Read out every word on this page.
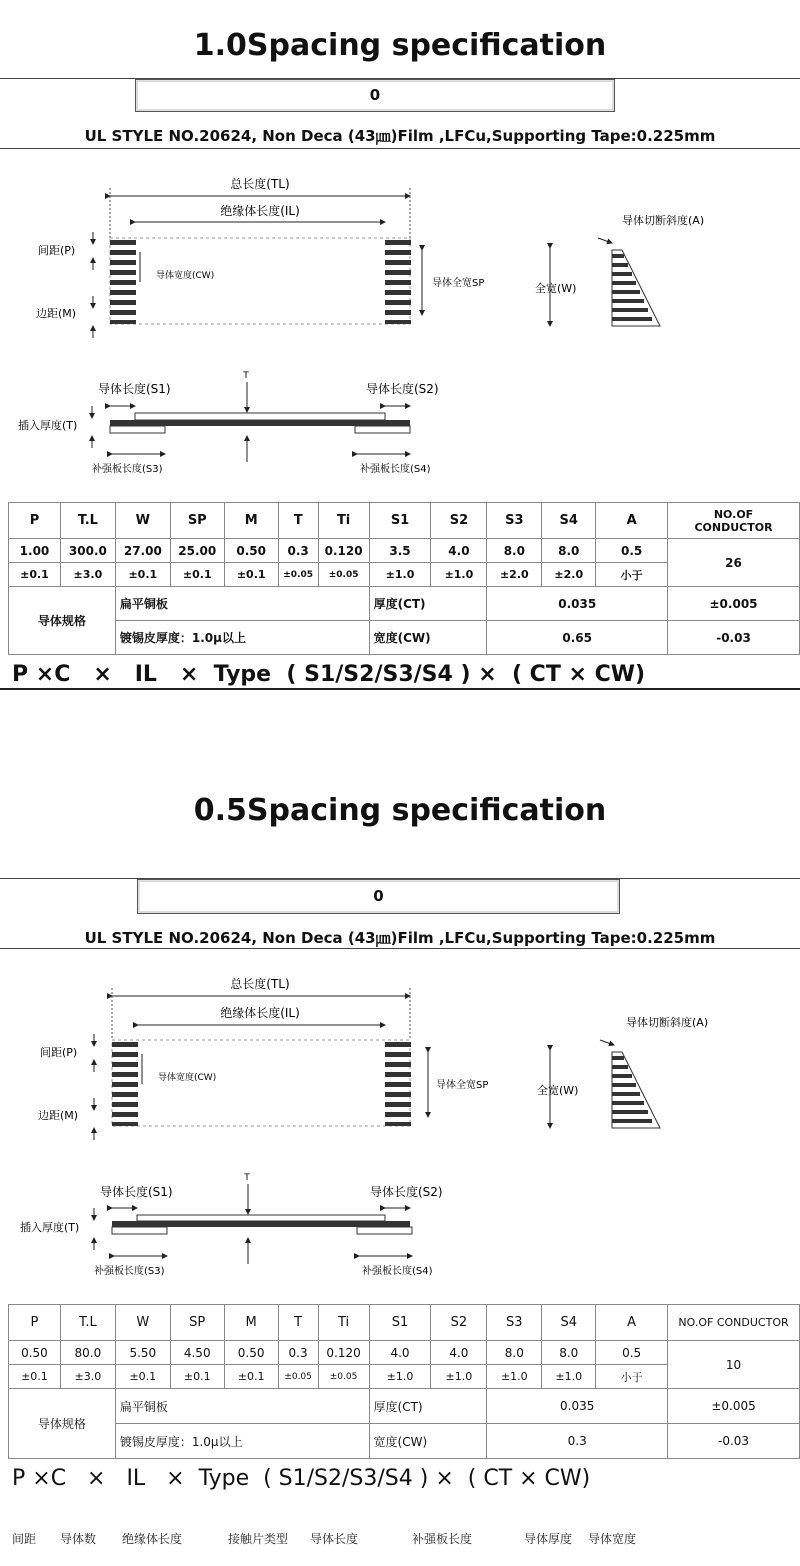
1.0Spacing specification
0
UL STYLE NO.20624, Non Deca (43㎛)Film ,LFCu,Supporting Tape:0.225mm
总长度(TL)
绝缘体长度(IL)
间距(P)
边距(M)
导体宽度(CW)
导体全宽SP	全宽(W)
导体切断斜度(A)
导体长度(S1)	导体长度(S2)
T
插入厚度(T)
补强板长度(S3)	补强板长度(S4)
P	T.L	W	SP	M	T	Ti	S1	S2	S3	S4	A	NO.OF CONDUCTOR
1.00	300.0	27.00	25.00	0.50	0.3	0.120	3.5	4.0	8.0	8.0	0.5	26
±0.1	±3.0	±0.1	±0.1	±0.1	±0.05	±0.05	±1.0	±1.0	±2.0	±2.0	小于	
导体规格		扁平铜板					厚度(CT)		0.035			±0.005
		镀锡皮厚度：1.0μ以上					宽度(CW)		0.65			-0.03
P ×C   ×   IL   ×  Type  ( S1/S2/S3/S4 ) ×  ( CT × CW)
0.5Spacing specification
0
UL STYLE NO.20624, Non Deca (43㎛)Film ,LFCu,Supporting Tape:0.225mm
总长度(TL)
绝缘体长度(IL)
间距(P)
边距(M)
导体宽度(CW)
导体全宽SP	全宽(W)
导体切断斜度(A)
导体长度(S1)	导体长度(S2)
T
插入厚度(T)
补强板长度(S3)	补强板长度(S4)
P	T.L	W	SP	M	T	Ti	S1	S2	S3	S4	A	NO.OF CONDUCTOR
0.50	80.0	5.50	4.50	0.50	0.3	0.120	4.0	4.0	8.0	8.0	0.5	10
±0.1	±3.0	±0.1	±0.1	±0.1	±0.05	±0.05	±1.0	±1.0	±1.0	±1.0	小于	
导体规格		扁平铜板					厚度(CT)		0.035			±0.005
		镀锡皮厚度：1.0μ以上					宽度(CW)		0.3			-0.03
P ×C   ×   IL   ×  Type  ( S1/S2/S3/S4 ) ×  ( CT × CW)
间距 导体数 绝缘体长度	接触片类型 导体长度	补强板长度	导体厚度 导体宽度
